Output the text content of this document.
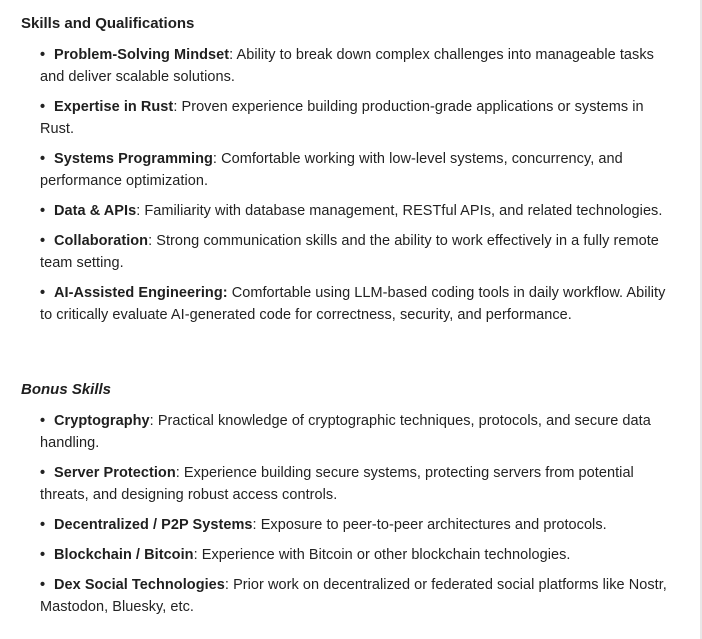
Skills and Qualifications
• Problem-Solving Mindset: Ability to break down complex challenges into manageable tasks and deliver scalable solutions.
• Expertise in Rust: Proven experience building production-grade applications or systems in Rust.
• Systems Programming: Comfortable working with low-level systems, concurrency, and performance optimization.
• Data & APIs: Familiarity with database management, RESTful APIs, and related technologies.
• Collaboration: Strong communication skills and the ability to work effectively in a fully remote team setting.
• AI-Assisted Engineering: Comfortable using LLM-based coding tools in daily workflow. Ability to critically evaluate AI-generated code for correctness, security, and performance.
Bonus Skills
• Cryptography: Practical knowledge of cryptographic techniques, protocols, and secure data handling.
• Server Protection: Experience building secure systems, protecting servers from potential threats, and designing robust access controls.
• Decentralized / P2P Systems: Exposure to peer-to-peer architectures and protocols.
• Blockchain / Bitcoin: Experience with Bitcoin or other blockchain technologies.
• Dex Social Technologies: Prior work on decentralized or federated social platforms like Nostr, Mastodon, Bluesky, etc.
